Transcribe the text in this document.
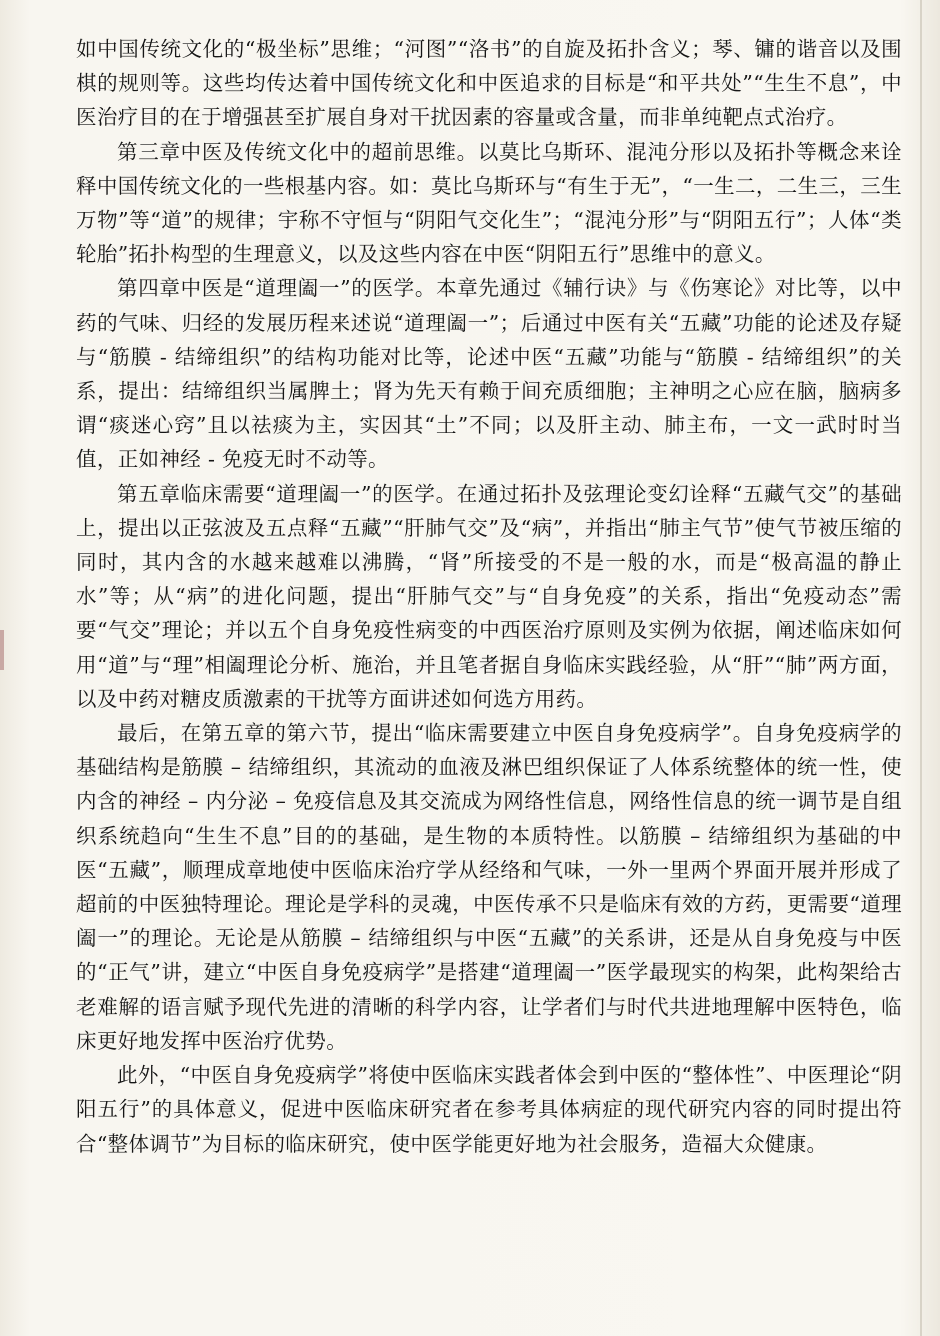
如中国传统文化的“极坐标”思维；“河图”“洛书”的自旋及拓扑含义；琴、镛的谐音以及围棋的规则等。这些均传达着中国传统文化和中医追求的目标是“和平共处”“生生不息”，中医治疗目的在于增强甚至扩展自身对干扰因素的容量或含量，而非单纯靶点式治疗。

第三章中医及传统文化中的超前思维。以莫比乌斯环、混沌分形以及拓扑等概念来诠释中国传统文化的一些根基内容。如：莫比乌斯环与“有生于无”，“一生二，二生三，三生万物”等“道”的规律；宇称不守恒与“阴阳气交化生”；“混沌分形”与“阴阳五行”；人体“类轮胎”拓扑构型的生理意义，以及这些内容在中医“阴阳五行”思维中的意义。

第四章中医是“道理阖一”的医学。本章先通过《辅行诀》与《伤寒论》对比等，以中药的气味、归经的发展历程来述说“道理阖一”；后通过中医有关“五藏”功能的论述及存疑与“筋膜 - 结缔组织”的结构功能对比等，论述中医“五藏”功能与“筋膜 - 结缔组织”的关系，提出：结缔组织当属脾土；肾为先天有赖于间充质细胞；主神明之心应在脑，脑病多谓“痰迷心窍”且以祛痰为主，实因其“土”不同；以及肝主动、肺主布，一文一武时时当值，正如神经 - 免疫无时不动等。

第五章临床需要“道理阖一”的医学。在通过拓扑及弦理论变幻诠释“五藏气交”的基础上，提出以正弦波及五点释“五藏”“肝肺气交”及“病”，并指出“肺主气节”使气节被压缩的同时，其内含的水越来越难以沸腾，“肾”所接受的不是一般的水，而是“极高温的静止水”等；从“病”的进化问题，提出“肝肺气交”与“自身免疫”的关系，指出“免疫动态”需要“气交”理论；并以五个自身免疫性病变的中西医治疗原则及实例为依据，阐述临床如何用“道”与“理”相阖理论分析、施治，并且笔者据自身临床实践经验，从“肝”“肺”两方面，以及中药对糖皮质激素的干扰等方面讲述如何选方用药。

最后，在第五章的第六节，提出“临床需要建立中医自身免疫病学”。自身免疫病学的基础结构是筋膜 – 结缔组织，其流动的血液及淋巴组织保证了人体系统整体的统一性，使内含的神经 – 内分泌 – 免疫信息及其交流成为网络性信息，网络性信息的统一调节是自组织系统趋向“生生不息”目的的基础，是生物的本质特性。以筋膜 – 结缔组织为基础的中医“五藏”，顺理成章地使中医临床治疗学从经络和气味，一外一里两个界面开展并形成了超前的中医独特理论。理论是学科的灵魂，中医传承不只是临床有效的方药，更需要“道理阖一”的理论。无论是从筋膜 – 结缔组织与中医“五藏”的关系讲，还是从自身免疫与中医的“正气”讲，建立“中医自身免疫病学”是搭建“道理阖一”医学最现实的构架，此构架给古老难解的语言赋予现代先进的清晰的科学内容，让学者们与时代共进地理解中医特色，临床更好地发挥中医治疗优势。

此外，“中医自身免疫病学”将使中医临床实践者体会到中医的“整体性”、中医理论“阴阳五行”的具体意义，促进中医临床研究者在参考具体病症的现代研究内容的同时提出符合“整体调节”为目标的临床研究，使中医学能更好地为社会服务，造福大众健康。
